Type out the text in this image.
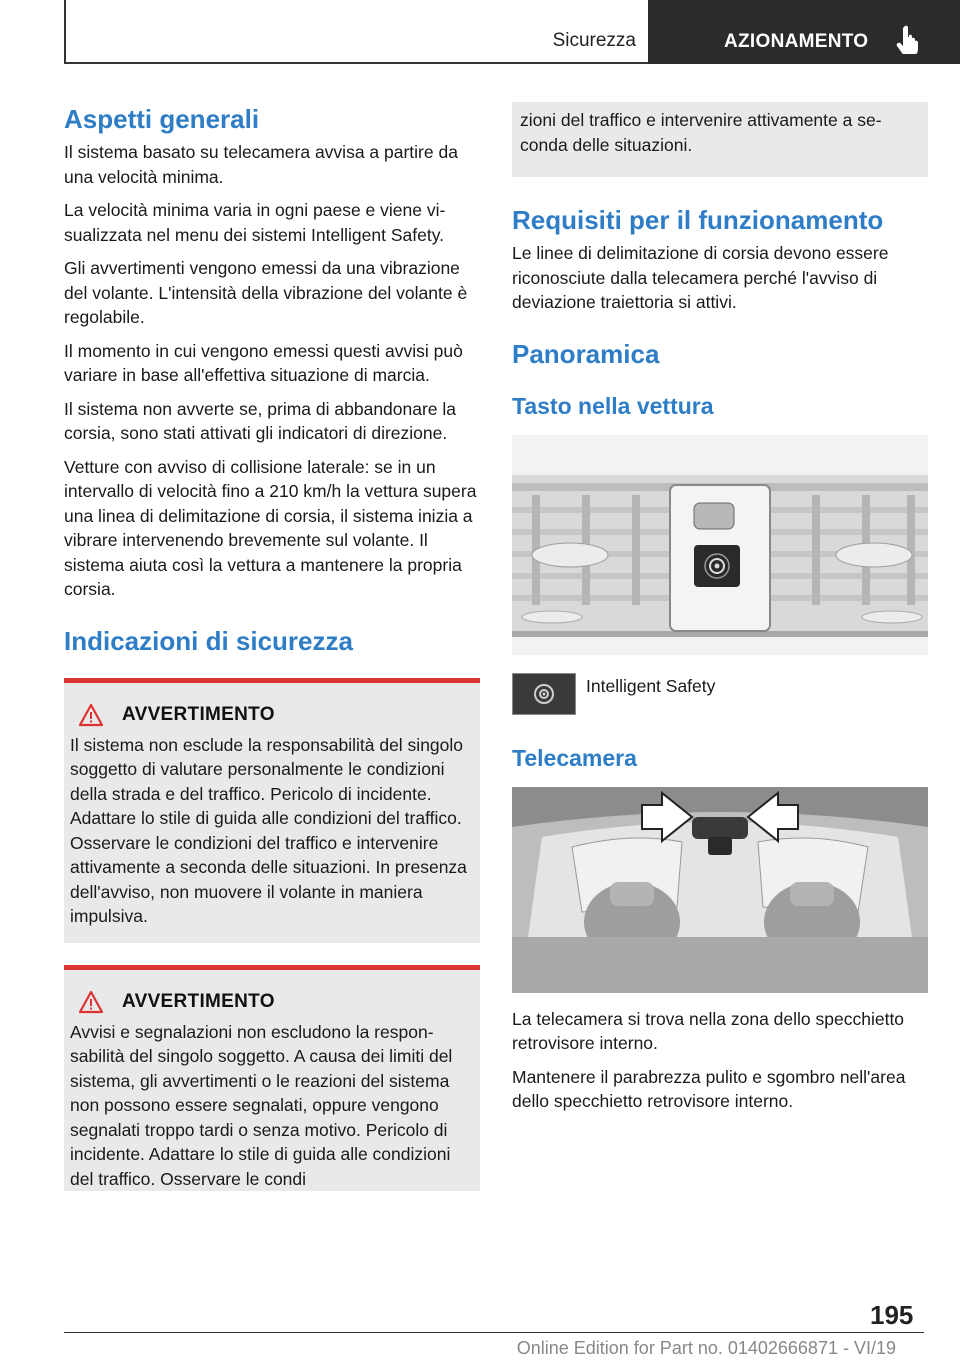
Sicurezza	AZIONAMENTO
Aspetti generali

Il sistema basato su telecamera avvisa a partire da una velocità minima.

La velocità minima varia in ogni paese e viene visualizzata nel menu dei sistemi Intelligent Safety.

Gli avvertimenti vengono emessi da una vibrazione del volante. L'intensità della vibrazione del volante è regolabile.

Il momento in cui vengono emessi questi avvisi può variare in base all'effettiva situazione di marcia.

Il sistema non avverte se, prima di abbandonare la corsia, sono stati attivati gli indicatori di direzione.

Vetture con avviso di collisione laterale: se in un intervallo di velocità fino a 210 km/h la vettura supera una linea di delimitazione di corsia, il sistema inizia a vibrare intervenendo brevemente sul volante. Il sistema aiuta così la vettura a mantenere la propria corsia.

Indicazioni di sicurezza
AVVERTIMENTO

Il sistema non esclude la responsabilità del singolo soggetto di valutare personalmente le condizioni della strada e del traffico. Pericolo di incidente. Adattare lo stile di guida alle condizioni del traffico. Osservare le condizioni del traffico e intervenire attivamente a seconda delle situazioni. In presenza dell'avviso, non muovere il volante in maniera impulsiva.

AVVERTIMENTO

Avvisi e segnalazioni non escludono la responsabilità del singolo soggetto. A causa dei limiti del sistema, gli avvertimenti o le reazioni del sistema non possono essere segnalati, oppure vengono segnalati troppo tardi o senza motivo. Pericolo di incidente. Adattare lo stile di guida alle condizioni del traffico. Osservare le condi

zioni del traffico e intervenire attivamente a seconda delle situazioni.

Requisiti per il funzionamento

Le linee di delimitazione di corsia devono essere riconosciute dalla telecamera perché l'avviso di deviazione traiettoria si attivi.

Panoramica
Tasto nella vettura
Intelligent Safety
Telecamera

La telecamera si trova nella zona dello specchietto retrovisore interno.

Mantenere il parabrezza pulito e sgombro nell'area dello specchietto retrovisore interno.

195
Online Edition for Part no. 01402666871 - VI/19
